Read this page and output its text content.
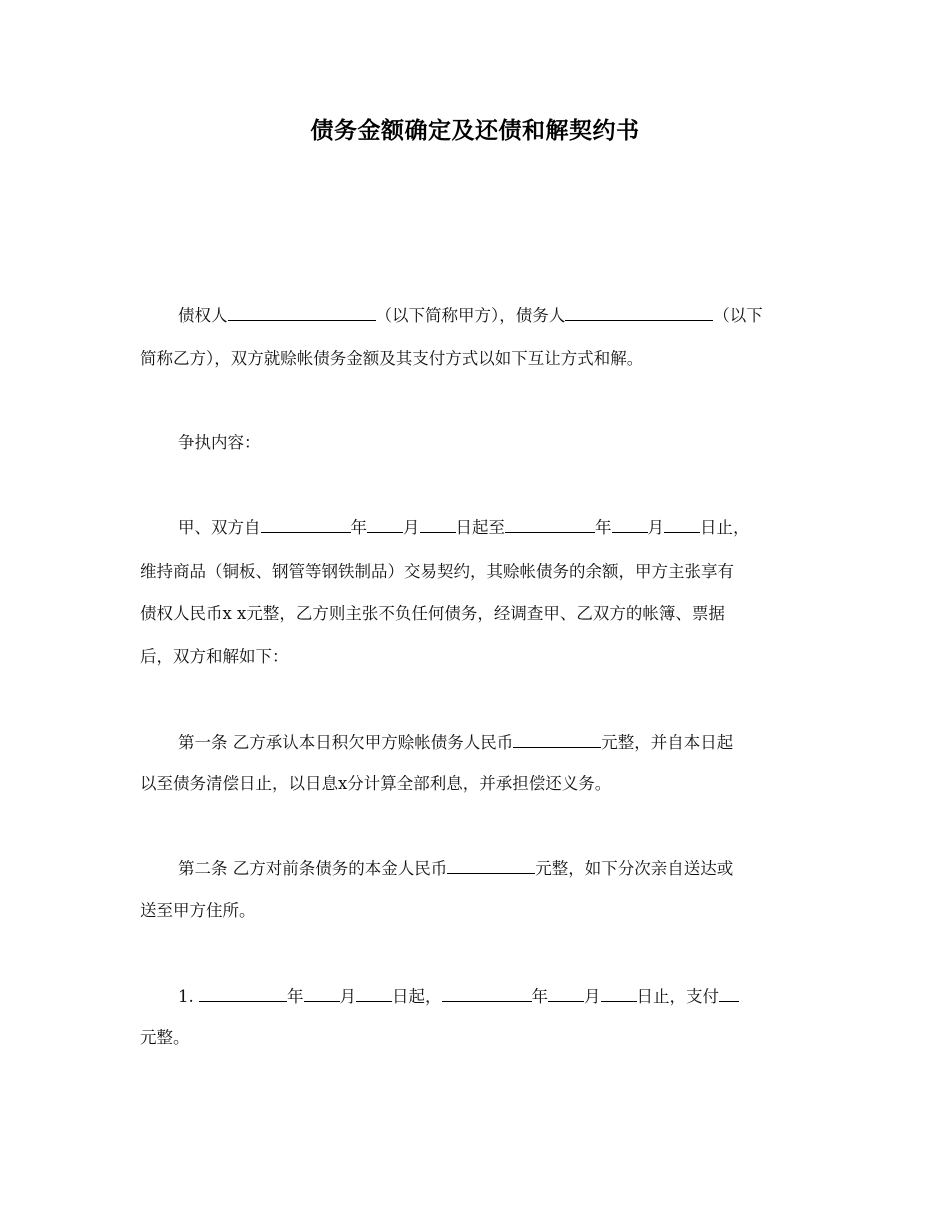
债务金额确定及还债和解契约书
债权人	（以下简称甲方），债务人	（以下
简称乙方），双方就赊帐债务金额及其支付方式以如下互让方式和解。
争执内容：
甲、双方自	年 月 日起至	年 月 日止，
维持商品（铜板、钢管等钢铁制品）交易契约，其赊帐债务的余额，甲方主张享有
债权人民币x x元整，乙方则主张不负任何债务，经调查甲、乙双方的帐簿、票据
后，双方和解如下：
第一条 乙方承认本日积欠甲方赊帐债务人民币	元整，并自本日起
以至债务清偿日止，以日息x分计算全部利息，并承担偿还义务。
第二条 乙方对前条债务的本金人民币	元整，如下分次亲自送达或
送至甲方住所。
1.	年 月 日起，	年 月 日止，支付
元整。
